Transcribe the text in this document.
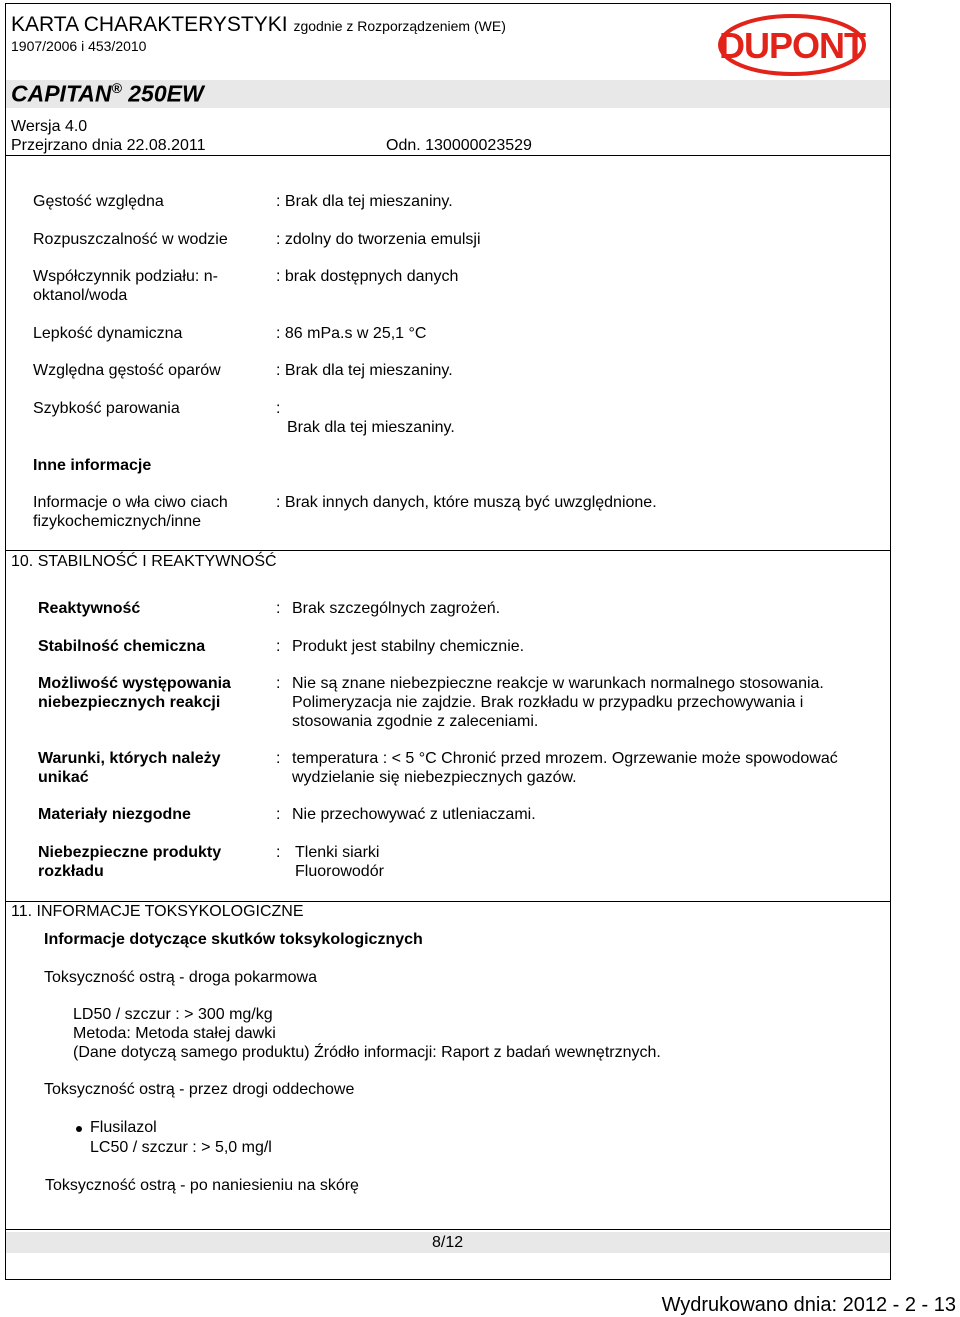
KARTA CHARAKTERYSTYKI zgodnie z Rozporządzeniem (WE)
1907/2006 i 453/2010	DUPONT
CAPITAN® 250EW
Wersja 4.0
Przejrzano dnia 22.08.2011	Odn. 130000023529
Gęstość względna	: Brak dla tej mieszaniny.
Rozpuszczalność w wodzie	: zdolny do tworzenia emulsji
Współczynnik podziału: n-
oktanol/woda
: brak dostępnych danych
Lepkość dynamiczna	: 86 mPa.s w 25,1 °C
Względna gęstość oparów	: Brak dla tej mieszaniny.
Szybkość parowania	:
Brak dla tej mieszaniny.
Inne informacje
Informacje o wła ciwo ciach
fizykochemicznych/inne
: Brak innych danych, które muszą być uwzględnione.
10. STABILNOŚĆ I REAKTYWNOŚĆ
Reaktywność	: Brak szczególnych zagrożeń.
Stabilność chemiczna	: Produkt jest stabilny chemicznie.
Możliwość występowania
niebezpiecznych reakcji
: Nie są znane niebezpieczne reakcje w warunkach normalnego stosowania.
Polimeryzacja nie zajdzie. Brak rozkładu w przypadku przechowywania i
stosowania zgodnie z zaleceniami.
Warunki, których należy
unikać
: temperatura : < 5 °C Chronić przed mrozem. Ogrzewanie może spowodować
wydzielanie się niebezpiecznych gazów.
Materiały niezgodne	: Nie przechowywać z utleniaczami.
Niebezpieczne produkty
rozkładu
: Tlenki siarki
Fluorowodór
11. INFORMACJE TOKSYKOLOGICZNE
Informacje dotyczące skutków toksykologicznych
Toksyczność ostrą - droga pokarmowa
LD50 / szczur : > 300 mg/kg
Metoda: Metoda stałej dawki
(Dane dotyczą samego produktu) Źródło informacji: Raport z badań wewnętrznych.
Toksyczność ostrą - przez drogi oddechowe
Flusilazol
LC50 / szczur : > 5,0 mg/l
Toksyczność ostrą - po naniesieniu na skórę
8/12
Wydrukowano dnia: 2012 - 2 - 13
